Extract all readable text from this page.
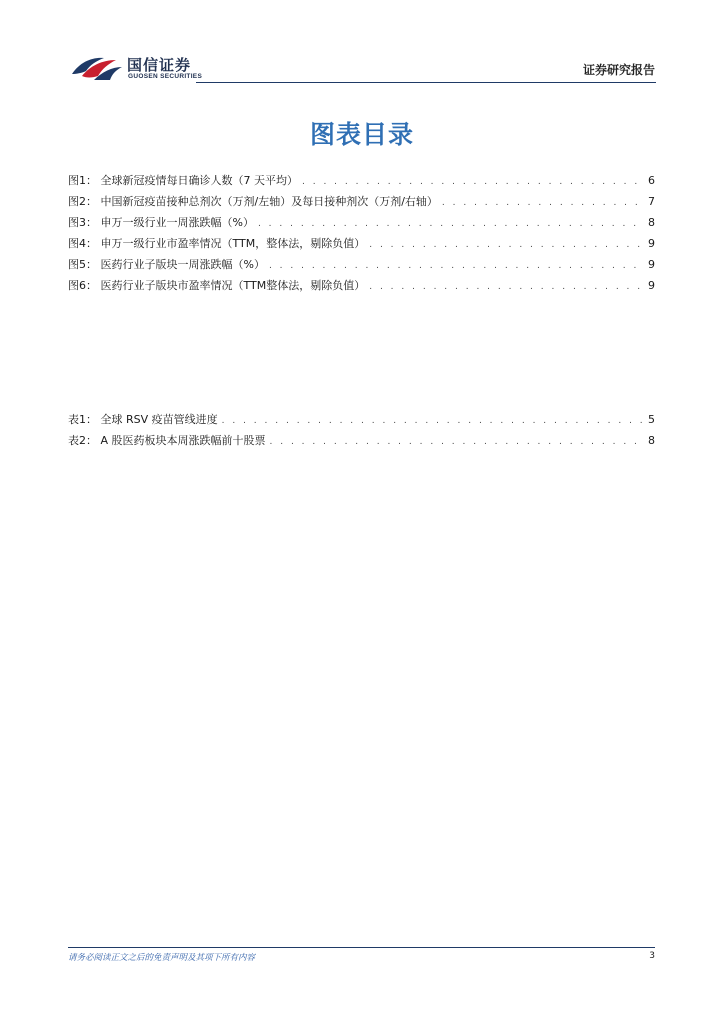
国信证券
GUOSEN SECURITIES	证券研究报告
图表目录
图1： 全球新冠疫情每日确诊人数（7 天平均） . . .	6
图2： 中国新冠疫苗接种总剂次（万剂/左轴）及每日接种剂次（万剂/右轴） . . .	7
图3： 申万一级行业一周涨跌幅（%） . . .	8
图4： 申万一级行业市盈率情况（TTM，整体法，剔除负值） . . .	9
图5： 医药行业子版块一周涨跌幅（%） . . .	9
图6： 医药行业子版块市盈率情况（TTM整体法，剔除负值） . . .	9
表1： 全球 RSV 疫苗管线进度 . . .	5
表2： A 股医药板块本周涨跌幅前十股票 . . .	8
请务必阅读正文之后的免责声明及其项下所有内容	3
